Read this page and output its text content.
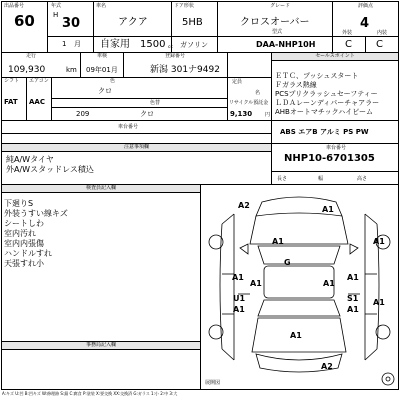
出品番号
60
年式
H
30
1 月
車名
アクア
ドア形状
5HB
グレード
クロスオーバー
評価点
4
自家用 1500 cc ガソリン
型式
DAA-NHP10H
外装
C
内装
C
走行
109,930	km
車検
09年01月
登録番号
新潟 301ナ9492
シフト
FAT
エアコン
AAC
色
クロ
色替
209	クロ
定員
名
リサイクル預託金
9,130	円
セールスポイント
ＥＴＣ、プッシュスタート
Ｆガラス熱線
PCSプリクラッシュセーフティー
ＬＤＡレーンディパーチャアラー
AHBオートマチックハイビーム
車台番号
ABS エアB アルミ PS PW
注意事項欄
純A/Wタイヤ
外A/Wスタッドレス積込
車台番号
NHP10-6701305
長さ	幅	高さ
検査員記入欄
下廻りS
外装うすい線キズ
シートしわ
室内汚れ
室内内張傷
ハンドルすれ
天張すれ小
事務局記入欄
展開図
A2	A1
A1	A1
G
A1
A1
A1
A1
U1	S1
A1	A1
A1
A1
A2
A:キズ U:凹 B:凹キズ W:修理跡 S:錆 C:腐食 P:塗装 X:要交換 XX:交換済 G:ガラス 1:小 2:中 3:大
